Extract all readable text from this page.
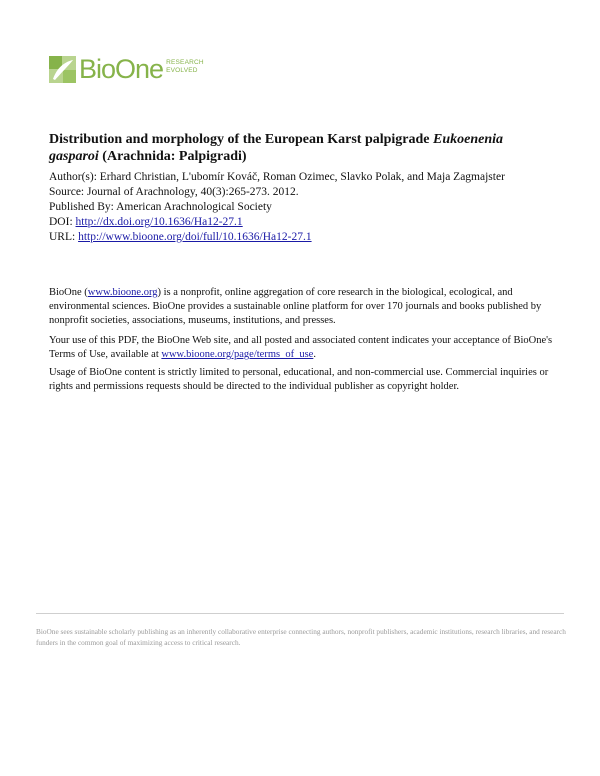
BioOne RESEARCH
EVOLVED
Distribution and morphology of the European Karst palpigrade Eukoenenia
gasparoi (Arachnida: Palpigradi)
Author(s): Erhard Christian, L'ubomír Kováč, Roman Ozimec, Slavko Polak, and Maja Zagmajster
Source: Journal of Arachnology, 40(3):265-273. 2012.
Published By: American Arachnological Society
DOI: http://dx.doi.org/10.1636/Ha12-27.1
URL: http://www.bioone.org/doi/full/10.1636/Ha12-27.1

BioOne (www.bioone.org) is a nonprofit, online aggregation of core research in the biological, ecological, and environmental sciences. BioOne provides a sustainable online platform for over 170 journals and books published by nonprofit societies, associations, museums, institutions, and presses.

Your use of this PDF, the BioOne Web site, and all posted and associated content indicates your acceptance of BioOne's Terms of Use, available at www.bioone.org/page/terms_of_use.

Usage of BioOne content is strictly limited to personal, educational, and non-commercial use. Commercial inquiries or rights and permissions requests should be directed to the individual publisher as copyright holder.

BioOne sees sustainable scholarly publishing as an inherently collaborative enterprise connecting authors, nonprofit publishers, academic institutions, research libraries, and research funders in the common goal of maximizing access to critical research.
